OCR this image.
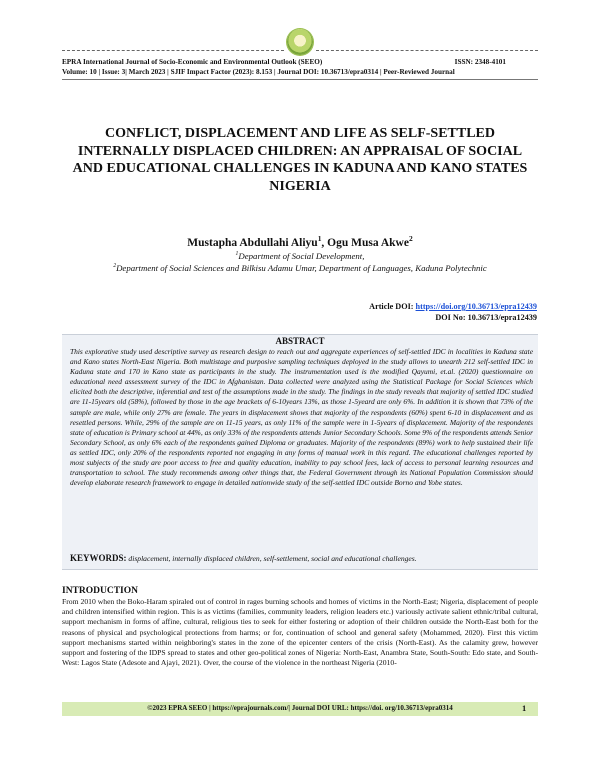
EPRA International Journal of Socio-Economic and Environmental Outlook (SEEO)	ISSN: 2348-4101
Volume: 10 | Issue: 3| March 2023 | SJIF Impact Factor (2023): 8.153 | Journal DOI: 10.36713/epra0314 | Peer-Reviewed Journal
CONFLICT, DISPLACEMENT AND LIFE AS SELF-SETTLED INTERNALLY DISPLACED CHILDREN: AN APPRAISAL OF SOCIAL AND EDUCATIONAL CHALLENGES IN KADUNA AND KANO STATES NIGERIA
Mustapha Abdullahi Aliyu$^1$, Ogu Musa Akwe$^2$
$^1$Department of Social Development,
$^2$Department of Social Sciences and Bilkisu Adamu Umar, Department of Languages, Kaduna Polytechnic
Article DOI: https://doi.org/10.36713/epra12439
DOI No: 10.36713/epra12439
ABSTRACT
This explorative study used descriptive survey as research design to reach out and aggregate experiences of self-settled IDC in localities in Kaduna state and Kano states North-East Nigeria. Both multistage and purposive sampling techniques deployed in the study allows to unearth 212 self-settled IDC in Kaduna state and 170 in Kano state as participants in the study. The instrumentation used is the modified Qayumi, et.al. (2020) questionnaire on educational need assessment survey of the IDC in Afghanistan. Data collected were analyzed using the Statistical Package for Social Sciences which elicited both the descriptive, inferential and test of the assumptions made in the study. The findings in the study reveals that majority of settled IDC studied are 11-15years old (58%), followed by those in the age brackets of 6-10years 13%, as those 1-5yeard are only 6%. In addition it is shown that 73% of the sample are male, while only 27% are female. The years in displacement shows that majority of the respondents (60%) spent 6-10 in displacement and as resettled persons. While, 29% of the sample are on 11-15 years, as only 11% of the sample were in 1-5years of displacement. Majority of the respondents state of education is Primary school at 44%, as only 33% of the respondents attends Junior Secondary Schools. Some 9% of the respondents attends Senior Secondary School, as only 6% each of the respondents gained Diploma or graduates. Majority of the respondents (89%) work to help sustained their life as settled IDC, only 20% of the respondents reported not engaging in any forms of manual work in this regard. The educational challenges reported by most subjects of the study are poor access to free and quality education, inability to pay school fees, lack of access to personal learning resources and transportation to school. The study recommends among other things that, the Federal Government through its National Population Commission should develop elaborate research framework to engage in detailed nationwide study of the self-settled IDC outside Borno and Yobe states.
KEYWORDS: displacement, internally displaced children, self-settlement, social and educational challenges.
INTRODUCTION
From 2010 when the Boko-Haram spiraled out of control in rages burning schools and homes of victims in the North-East; Nigeria, displacement of people and children intensified within region. This is as victims (families, community leaders, religion leaders etc.) variously activate salient ethnic/tribal cultural, support mechanism in forms of affine, cultural, religious ties to seek for either fostering or adoption of their children outside the North-East both for the reasons of physical and psychological protections from harms; or for, continuation of school and general safety (Mohammed, 2020). First this victim support mechanisms started within neighboring's states in the zone of the epicenter centers of the crisis (North-East). As the calamity grew, however support and fostering of the IDPS spread to states and other geo-political zones of Nigeria: North-East, Anambra State, South-South: Edo state, and South-West: Lagos State (Adesote and Ajayi, 2021). Over, the course of the violence in the northeast Nigeria (2010-
©2023 EPRA SEEO | https://eprajournals.com/| Journal DOI URL: https://doi. org/10.36713/epra0314	1
